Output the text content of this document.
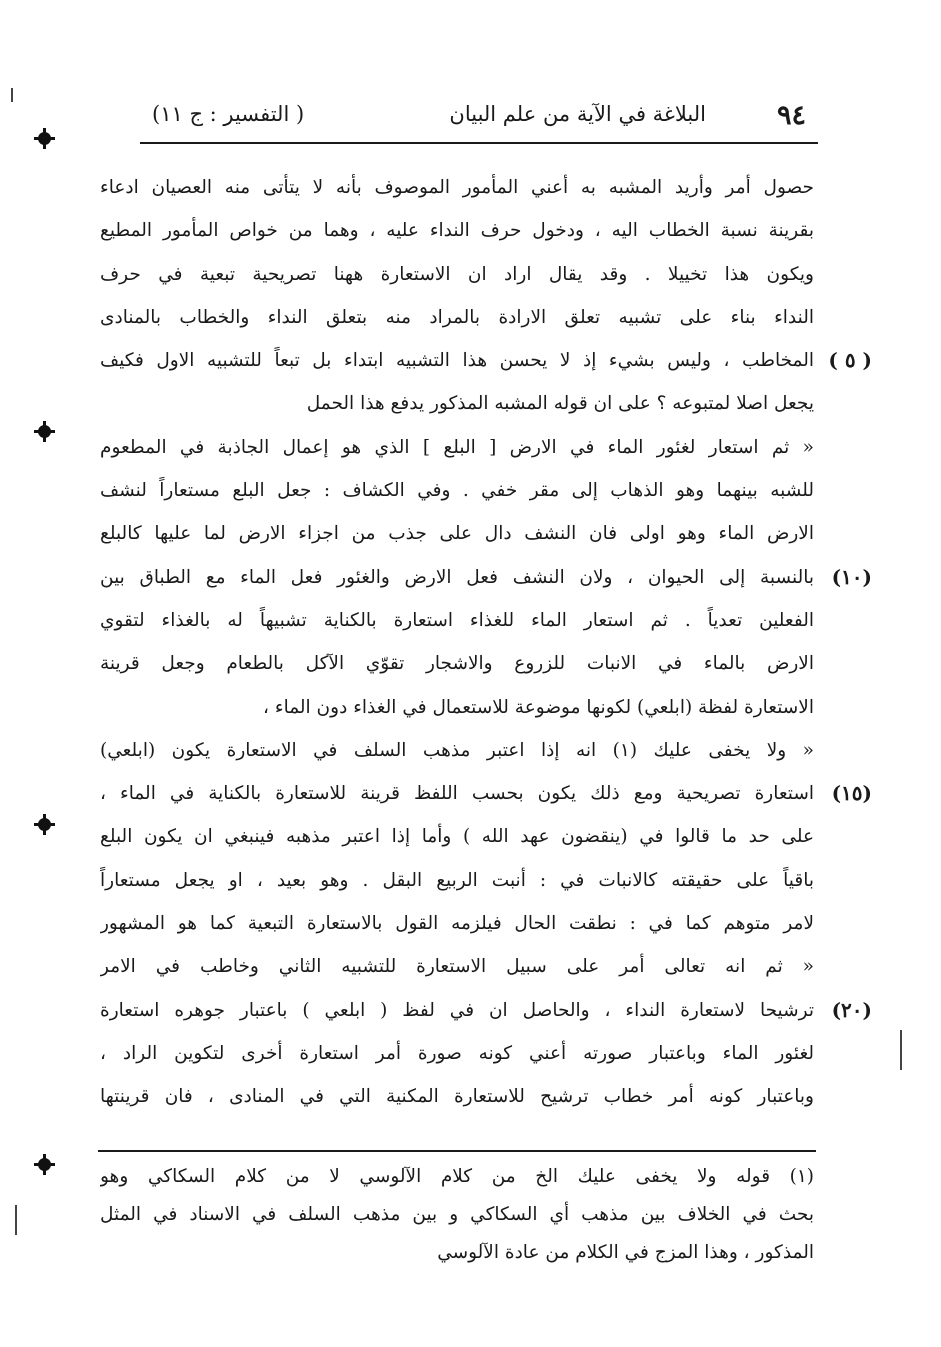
٩٤
البلاغة في الآية من علم البيان
( التفسير : ج ١١)
حصول أمر وأريد المشبه به أعني المأمور الموصوف بأنه لا يتأتى منه العصيان ادعاء
بقرينة نسبة الخطاب اليه ، ودخول حرف النداء عليه ، وهما من خواص المأمور المطيع
ويكون هذا تخييلا . وقد يقال اراد ان الاستعارة ههنا تصريحية تبعية في حرف
النداء بناء على تشبيه تعلق الارادة بالمراد منه بتعلق النداء والخطاب بالمنادى
المخاطب ، وليس بشيء إذ لا يحسن هذا التشبيه ابتداء بل تبعاً للتشبيه الاول فكيف
يجعل اصلا لمتبوعه ؟ على ان قوله المشبه المذكور يدفع هذا الحمل
« ثم استعار لغئور الماء في الارض [ البلع ] الذي هو إعمال الجاذبة في المطعوم
للشبه بينهما وهو الذهاب إلى مقر خفي . وفي الكشاف : جعل البلع مستعاراً لنشف
الارض الماء وهو اولى فان النشف دال على جذب من اجزاء الارض لما عليها كالبلع
بالنسبة إلى الحيوان ، ولان النشف فعل الارض والغئور فعل الماء مع الطباق بين
الفعلين تعدياً . ثم استعار الماء للغذاء استعارة بالكناية تشبيهاً له بالغذاء لتقوي
الارض بالماء في الانبات للزروع والاشجار تقوّي الآكل بالطعام وجعل قرينة
الاستعارة لفظة (ابلعي) لكونها موضوعة للاستعمال في الغذاء دون الماء ،
« ولا يخفى عليك (١) انه إذا اعتبر مذهب السلف في الاستعارة يكون (ابلعي)
استعارة تصريحية ومع ذلك يكون بحسب اللفظ قرينة للاستعارة بالكناية في الماء ،
على حد ما قالوا في (ينقضون عهد الله ) وأما إذا اعتبر مذهبه فينبغي ان يكون البلع
باقياً على حقيقته كالانبات في : أنبت الربيع البقل . وهو بعيد ، او يجعل مستعاراً
لامر متوهم كما في : نطقت الحال فيلزمه القول بالاستعارة التبعية كما هو المشهور
« ثم انه تعالى أمر على سبيل الاستعارة للتشبيه الثاني وخاطب في الامر
ترشيحا لاستعارة النداء ، والحاصل ان في لفظ ( ابلعي ) باعتبار جوهره استعارة
لغئور الماء وباعتبار صورته أعني كونه صورة أمر استعارة أخرى لتكوين الراد ،
وباعتبار كونه أمر خطاب ترشيح للاستعارة المكنية التي في المنادى ، فان قرينتها
( ٥ )
(١٠)
(١٥)
(٢٠)
(١) قوله ولا يخفى عليك الخ من كلام الآلوسي لا من كلام السكاكي وهو
بحث في الخلاف بين مذهب أي السكاكي و بين مذهب السلف في الاسناد في المثل
المذكور ، وهذا المزج في الكلام من عادة الآلوسي
